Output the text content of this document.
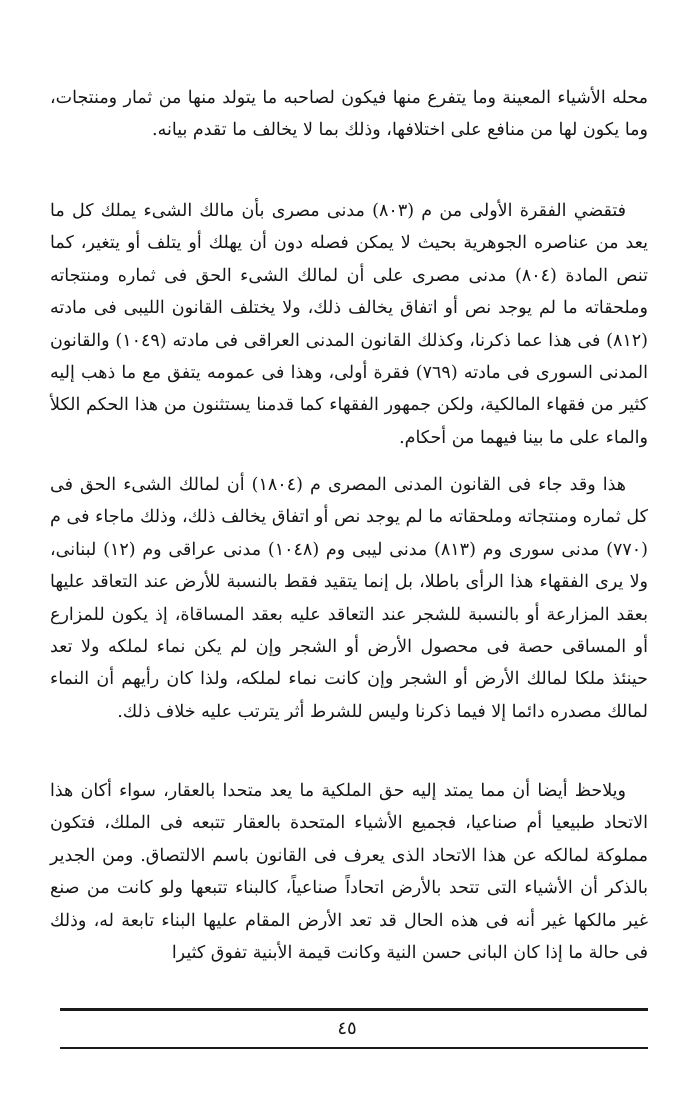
محله الأشياء المعينة وما يتفرع منها فيكون لصاحبه ما يتولد منها من ثمار ومنتجات، وما يكون لها من منافع على اختلافها، وذلك بما لا يخالف ما تقدم بيانه.

فتقضي الفقرة الأولى من م (٨٠٣) مدنى مصرى بأن مالك الشىء يملك كل ما يعد من عناصره الجوهرية بحيث لا يمكن فصله دون أن يهلك أو يتلف أو يتغير، كما تنص المادة (٨٠٤) مدنى مصرى على أن لمالك الشىء الحق فى ثماره ومنتجاته وملحقاته ما لم يوجد نص أو اتفاق يخالف ذلك، ولا يختلف القانون الليبى فى مادته (٨١٢) فى هذا عما ذكرنا، وكذلك القانون المدنى العراقى فى مادته (١٠٤٩) والقانون المدنى السورى فى مادته (٧٦٩) فقرة أولى، وهذا فى عمومه يتفق مع ما ذهب إليه كثير من فقهاء المالكية، ولكن جمهور الفقهاء كما قدمنا يستثنون من هذا الحكم الكلأ والماء على ما بينا فيهما من أحكام.

هذا وقد جاء فى القانون المدنى المصرى م (١٨٠٤) أن لمالك الشىء الحق فى كل ثماره ومنتجاته وملحقاته ما لم يوجد نص أو اتفاق يخالف ذلك، وذلك ماجاء فى م (٧٧٠) مدنى سورى وم (٨١٣) مدنى ليبى وم (١٠٤٨) مدنى عراقى وم (١٢) لبنانى، ولا يرى الفقهاء هذا الرأى باطلا، بل إنما يتقيد فقط بالنسبة للأرض عند التعاقد عليها بعقد المزارعة أو بالنسبة للشجر عند التعاقد عليه بعقد المساقاة، إذ يكون للمزارع أو المساقى حصة فى محصول الأرض أو الشجر وإن لم يكن نماء لملكه ولا تعد حينئذ ملكا لمالك الأرض أو الشجر وإن كانت نماء لملكه، ولذا كان رأيهم أن النماء لمالك مصدره دائما إلا فيما ذكرنا وليس للشرط أثر يترتب عليه خلاف ذلك.

ويلاحظ أيضا أن مما يمتد إليه حق الملكية ما يعد متحدا بالعقار، سواء أكان هذا الاتحاد طبيعيا أم صناعيا، فجميع الأشياء المتحدة بالعقار تتبعه فى الملك، فتكون مملوكة لمالكه عن هذا الاتحاد الذى يعرف فى القانون باسم الالتصاق. ومن الجدير بالذكر أن الأشياء التى تتحد بالأرض اتحاداً صناعياً، كالبناء تتبعها ولو كانت من صنع غير مالكها غير أنه فى هذه الحال قد تعد الأرض المقام عليها البناء تابعة له، وذلك فى حالة ما إذا كان البانى حسن النية وكانت قيمة الأبنية تفوق كثيرا

٤٥
